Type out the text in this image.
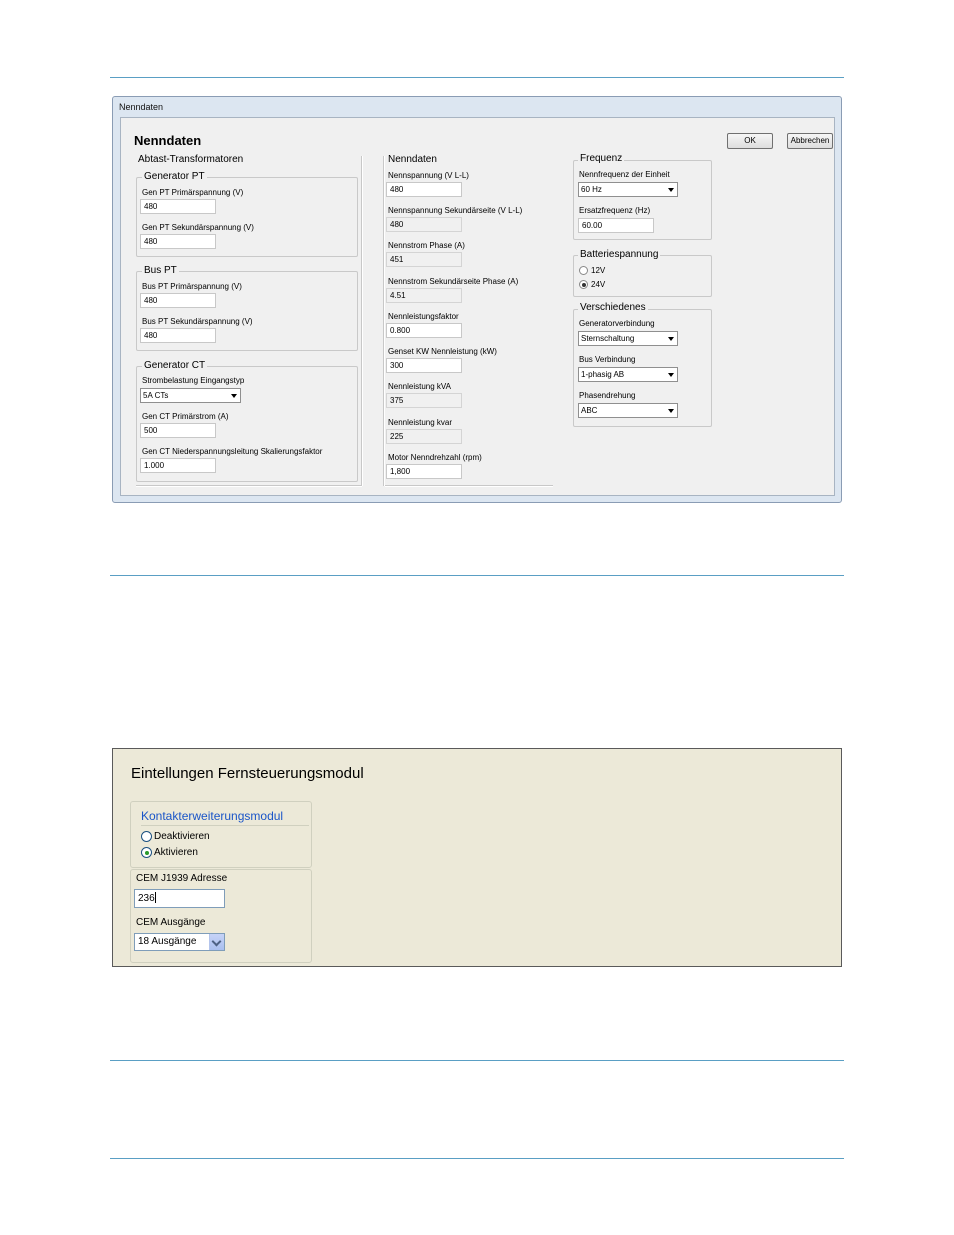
Nenndaten
Nenndaten	OK	Abbrechen
Abtast-Transformatoren
Generator PT
Gen PT Primärspannung (V)
480
Gen PT Sekundärspannung (V)
480
Bus PT
Bus PT Primärspannung (V)
480
Bus PT Sekundärspannung (V)
480
Generator CT
Strombelastung Eingangstyp
5A CTs
Gen CT Primärstrom (A)
500
Gen CT Niederspannungsleitung Skalierungsfaktor
1.000
Nenndaten
Nennspannung (V L-L)
480
Nennspannung Sekundärseite (V L-L)
480
Nennstrom Phase (A)
451
Nennstrom Sekundärseite Phase (A)
4.51
Nennleistungsfaktor
0.800
Genset KW Nennleistung (kW)
300
Nennleistung kVA
375
Nennleistung kvar
225
Motor Nenndrehzahl (rpm)
1,800
Frequenz
Nennfrequenz der Einheit
60 Hz
Ersatzfrequenz (Hz)
60.00
Batteriespannung
12V
24V
Verschiedenes
Generatorverbindung
Sternschaltung
Bus Verbindung
1-phasig AB
Phasendrehung
ABC
Eintellungen Fernsteuerungsmodul
Kontakterweiterungsmodul
Deaktivieren
Aktivieren
CEM J1939 Adresse
236
CEM Ausgänge
18 Ausgänge
